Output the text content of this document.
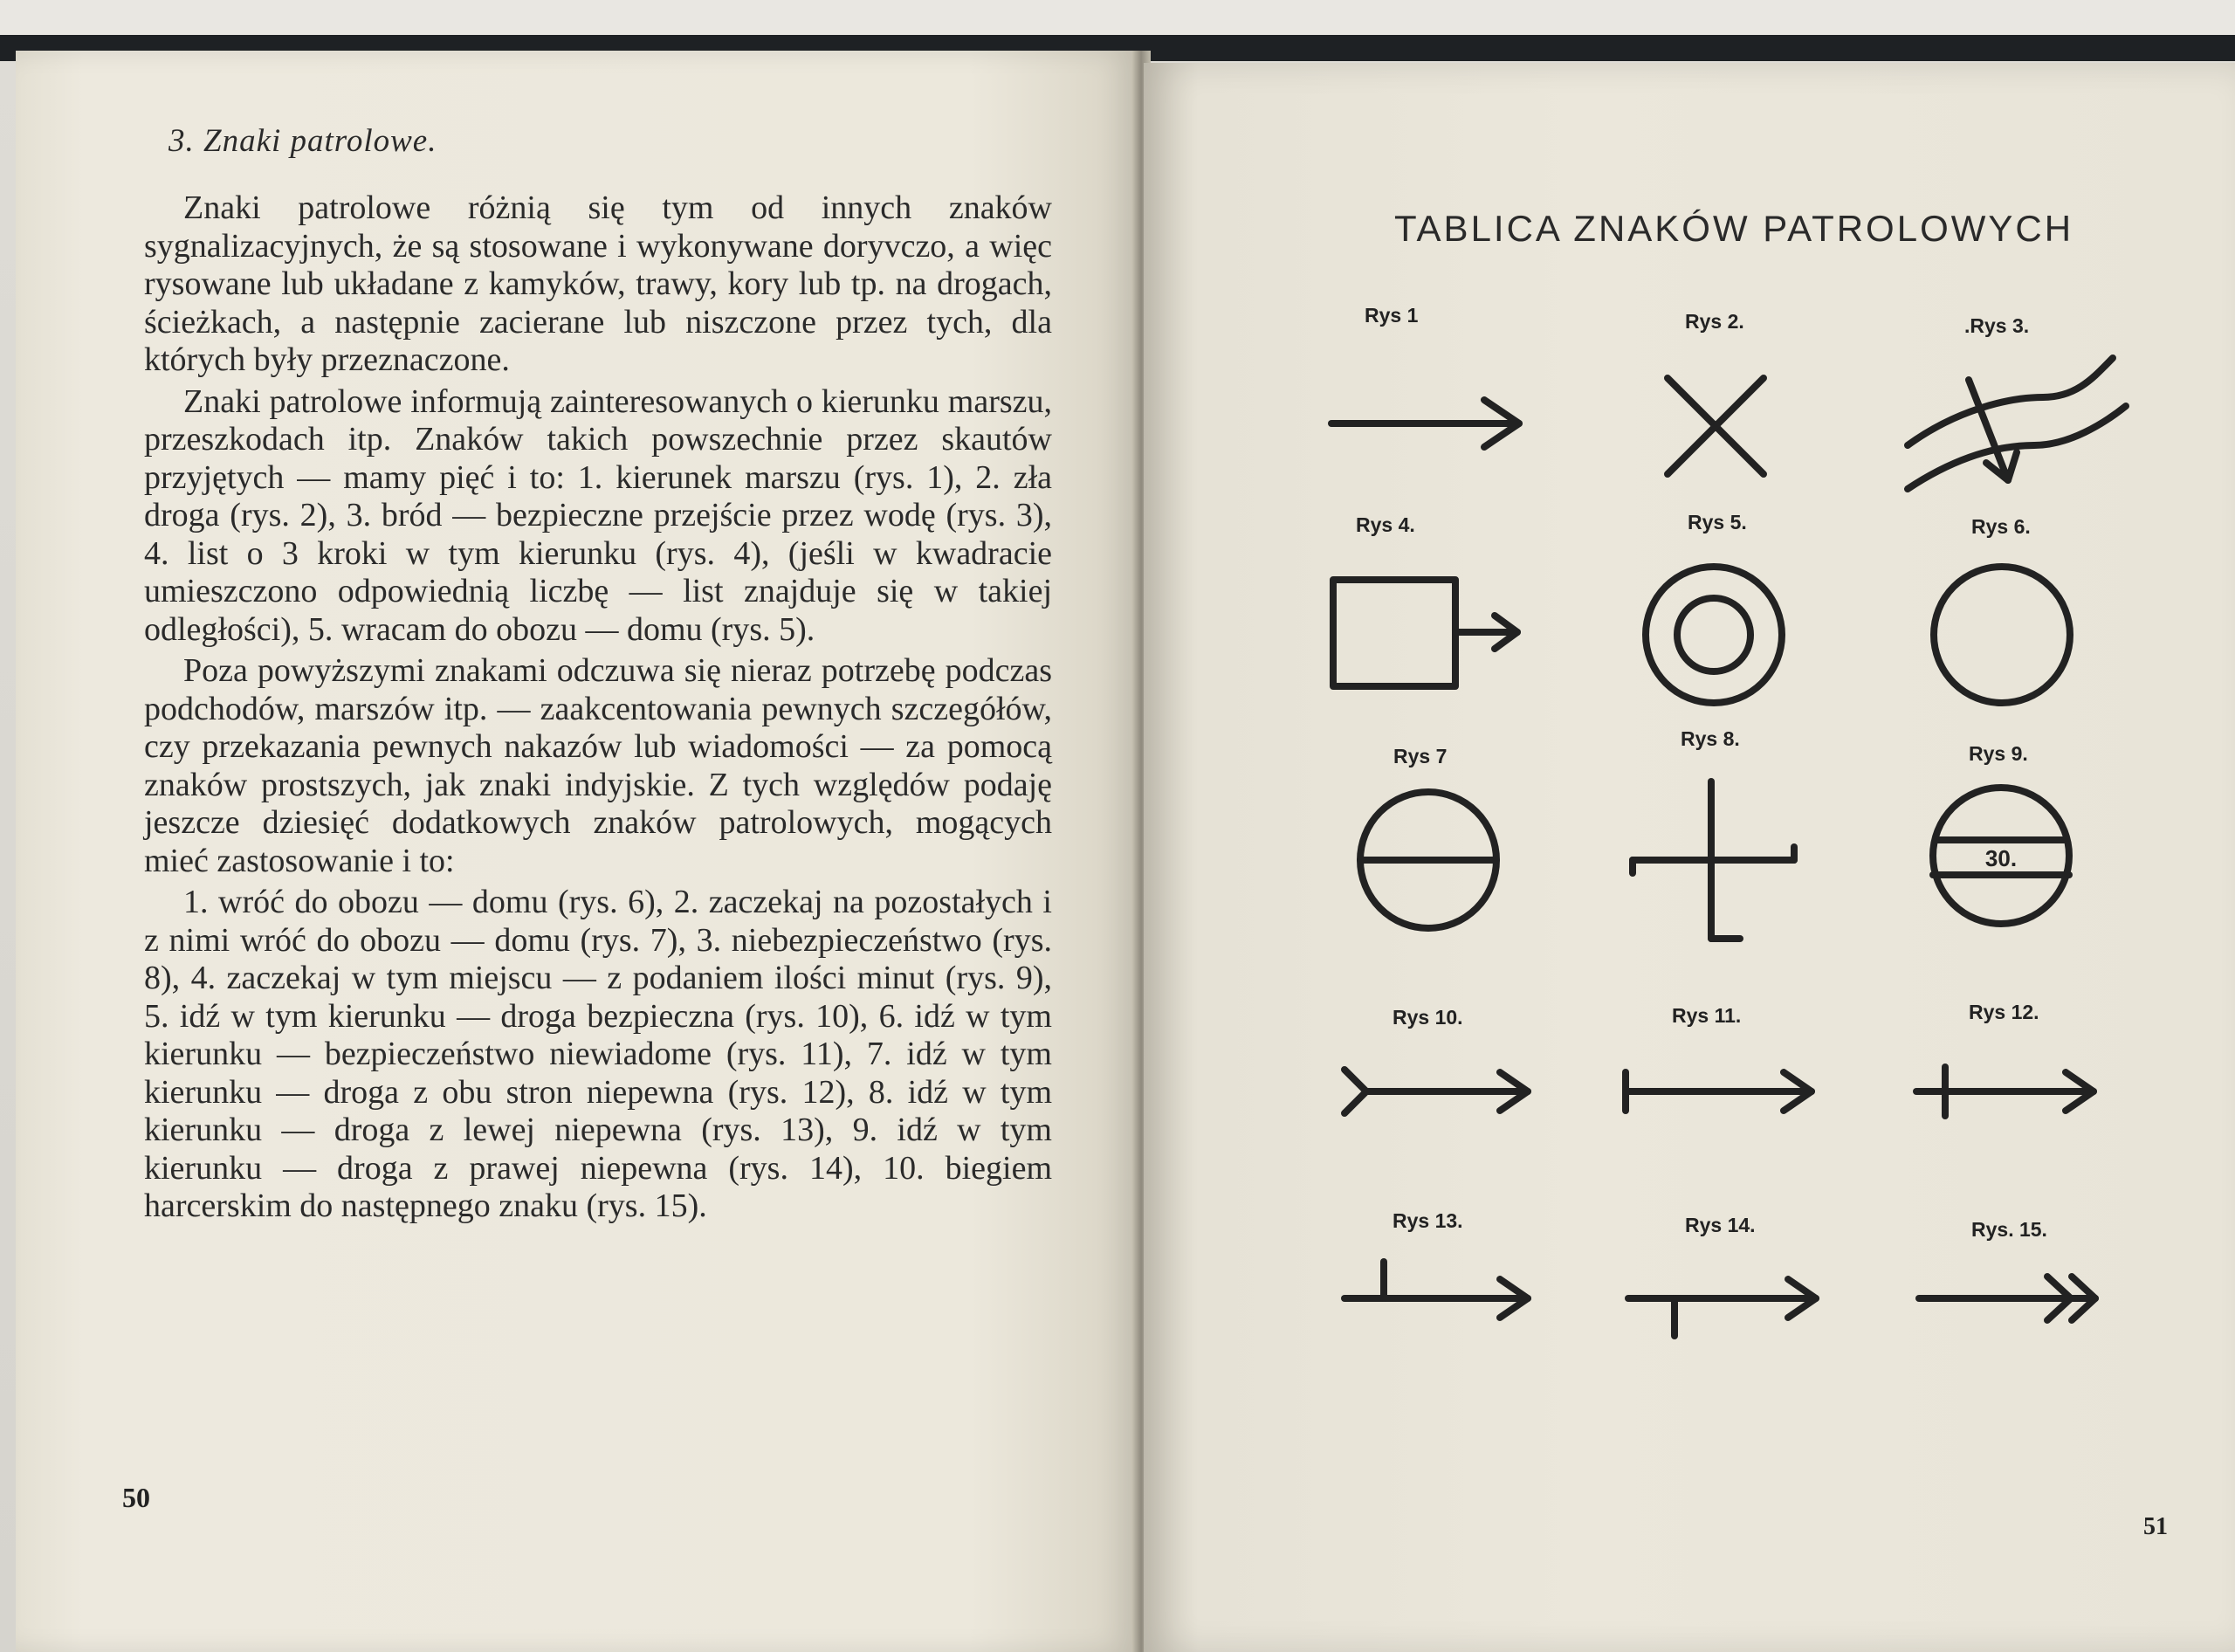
3. Znaki patrolowe.

Znaki patrolowe różnią się tym od innych znaków sygnalizacyjnych, że są stosowane i wykonywane doryvczo, a więc rysowane lub układane z kamyków, trawy, kory lub tp. na drogach, ścieżkach, a następnie zacierane lub niszczone przez tych, dla których były przeznaczone.

Znaki patrolowe informują zainteresowanych o kierunku marszu, przeszkodach itp. Znaków takich powszechnie przez skautów przyjętych — mamy pięć i to: 1. kierunek marszu (rys. 1), 2. zła droga (rys. 2), 3. bród — bezpieczne przejście przez wodę (rys. 3), 4. list o 3 kroki w tym kierunku (rys. 4), (jeśli w kwadracie umieszczono odpowiednią liczbę — list znajduje się w takiej odległości), 5. wracam do obozu — domu (rys. 5).

Poza powyższymi znakami odczuwa się nieraz potrzebę podczas podchodów, marszów itp. — zaakcentowania pewnych szczegółów, czy przekazania pewnych nakazów lub wiadomości — za pomocą znaków prostszych, jak znaki indyjskie. Z tych względów podaję jeszcze dziesięć dodatkowych znaków patrolowych, mogących mieć zastosowanie i to:

1. wróć do obozu — domu (rys. 6), 2. zaczekaj na pozostałych i z nimi wróć do obozu — domu (rys. 7), 3. niebezpieczeństwo (rys. 8), 4. zaczekaj w tym miejscu — z podaniem ilości minut (rys. 9), 5. idź w tym kierunku — droga bezpieczna (rys. 10), 6. idź w tym kierunku — bezpieczeństwo niewiadome (rys. 11), 7. idź w tym kierunku — droga z obu stron niepewna (rys. 12), 8. idź w tym kierunku — droga z lewej niepewna (rys. 13), 9. idź w tym kierunku — droga z prawej niepewna (rys. 14), 10. biegiem harcerskim do następnego znaku (rys. 15).

50
TABLICA ZNAKÓW PATROLOWYCH
51
Rys 1	Rys 2.	.Rys 3.
Rys 4.	Rys 5.	Rys 6.
Rys 7
Rys 8.
Rys 9.
Rys 10.	Rys 11.	Rys 12.
Rys 13.	Rys 14.	Rys. 15.
30.
